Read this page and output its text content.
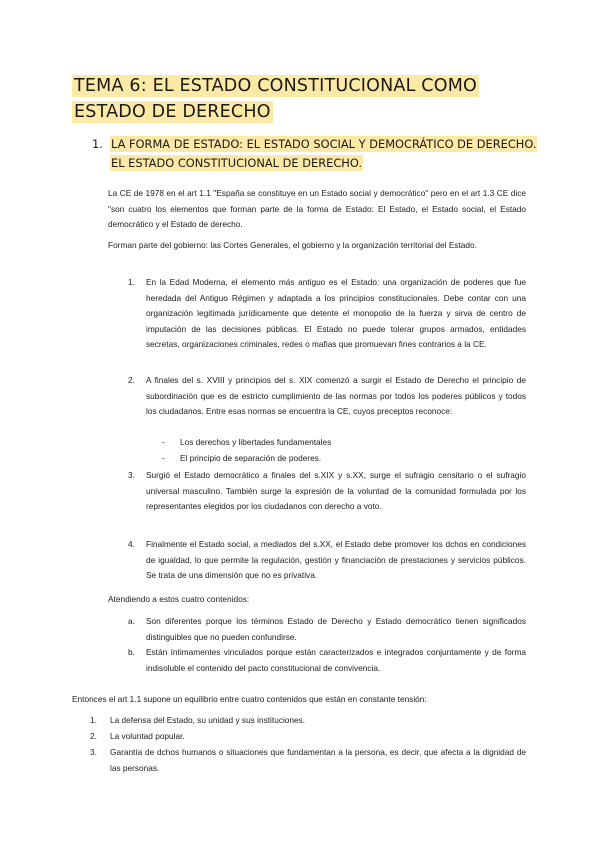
TEMA 6: EL ESTADO CONSTITUCIONAL COMO ESTADO DE DERECHO
1. LA FORMA DE ESTADO: EL ESTADO SOCIAL Y DEMOCRÁTICO DE DERECHO. EL ESTADO CONSTITUCIONAL DE DERECHO.
La CE de 1978 en el art 1.1 "España se constituye en un Estado social y democrático" pero en el art 1.3 CE dice "son cuatro los elementos que forman parte de la forma de Estado: El Estado, el Estado social, el Estado democrático y el Estado de derecho.
Forman parte del gobierno: las Cortes Generales, el gobierno y la organización territorial del Estado.
1.	En la Edad Moderna, el elemento más antiguo es el Estado: una organización de poderes que fue heredada del Antiguo Régimen y adaptada a los principios constitucionales. Debe contar con una organización legitimada jurídicamente que detente el monopolio de la fuerza y sirva de centro de imputación de las decisiones públicas. El Estado no puede tolerar grupos armados, entidades secretas, organizaciones criminales, redes o mafias que promuevan fines contrarios a la CE.
2.	A finales del s. XVIII y principios del s. XIX comenzó a surgir el Estado de Derecho el principio de subordinación que es de estricto cumplimiento de las normas por todos los poderes públicos y todos los ciudadanos. Entre esas normas se encuentra la CE, cuyos preceptos reconoce:
-	Los derechos y libertades fundamentales
-	El principio de separación de poderes.
3.	Surgió el Estado democrático a finales del s.XIX y s.XX, surge el sufragio censitario o el sufragio universal masculino. También surge la expresión de la voluntad de la comunidad formulada por los representantes elegidos por los ciudadanos con derecho a voto.
4.	Finalmente el Estado social, a mediados del s.XX, el Estado debe promover los dchos en condiciones de igualdad, lo que permite la regulación, gestión y financiación de prestaciones y servicios públicos. Se trata de una dimensión que no es privativa.
Atendiendo a estos cuatro contenidos:
a.	Son diferentes porque los términos Estado de Derecho y Estado democrático tienen significados distinguibles que no pueden confundirse.
b.	Están íntimamentes vinculados porque están caracterizados e integrados conjuntamente y de forma indisoluble el contenido del pacto constitucional de convivencia.
Entonces el art 1.1 supone un equilibrio entre cuatro contenidos que están en constante tensión:
1.	La defensa del Estado, su unidad y sus instituciones.
2.	La voluntad popular.
3.	Garantía de dchos humanos o situaciones que fundamentan a la persona, es decir, que afecta a la dignidad de las personas.
